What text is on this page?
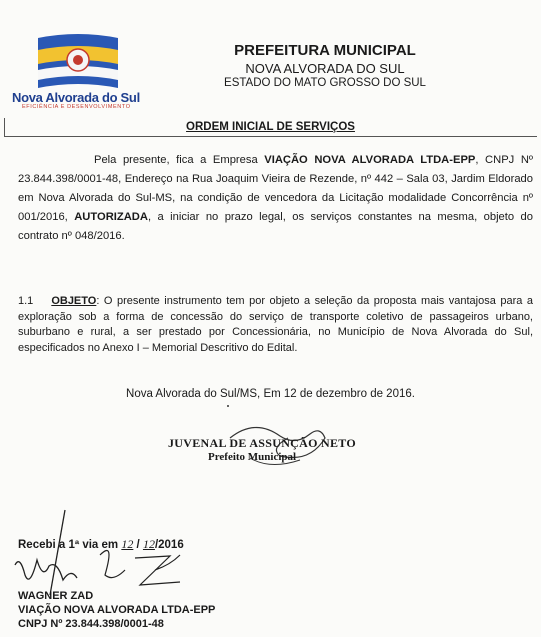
Nova Alvorada do Sul
EFICIÊNCIA E DESENVOLVIMENTO
PREFEITURA MUNICIPAL
NOVA ALVORADA DO SUL
ESTADO DO MATO GROSSO DO SUL
ORDEM INICIAL DE SERVIÇOS
Pela presente, fica a Empresa VIAÇÃO NOVA ALVORADA LTDA-EPP, CNPJ Nº 23.844.398/0001-48, Endereço na Rua Joaquim Vieira de Rezende, nº 442 – Sala 03, Jardim Eldorado em Nova Alvorada do Sul-MS, na condição de vencedora da Licitação modalidade Concorrência nº 001/2016, AUTORIZADA, a iniciar no prazo legal, os serviços constantes na mesma, objeto do contrato nº 048/2016.
1.1 OBJETO: O presente instrumento tem por objeto a seleção da proposta mais vantajosa para a exploração sob a forma de concessão do serviço de transporte coletivo de passageiros urbano, suburbano e rural, a ser prestado por Concessionária, no Município de Nova Alvorada do Sul, especificados no Anexo I – Memorial Descritivo do Edital.
Nova Alvorada do Sul/MS, Em 12 de dezembro de 2016.
JUVENAL DE ASSUNÇÃO NETO
Prefeito Municipal
Recebi a 1ª via em 12 / 12/2016
WAGNER ZAD
VIAÇÃO NOVA ALVORADA LTDA-EPP
CNPJ Nº 23.844.398/0001-48
